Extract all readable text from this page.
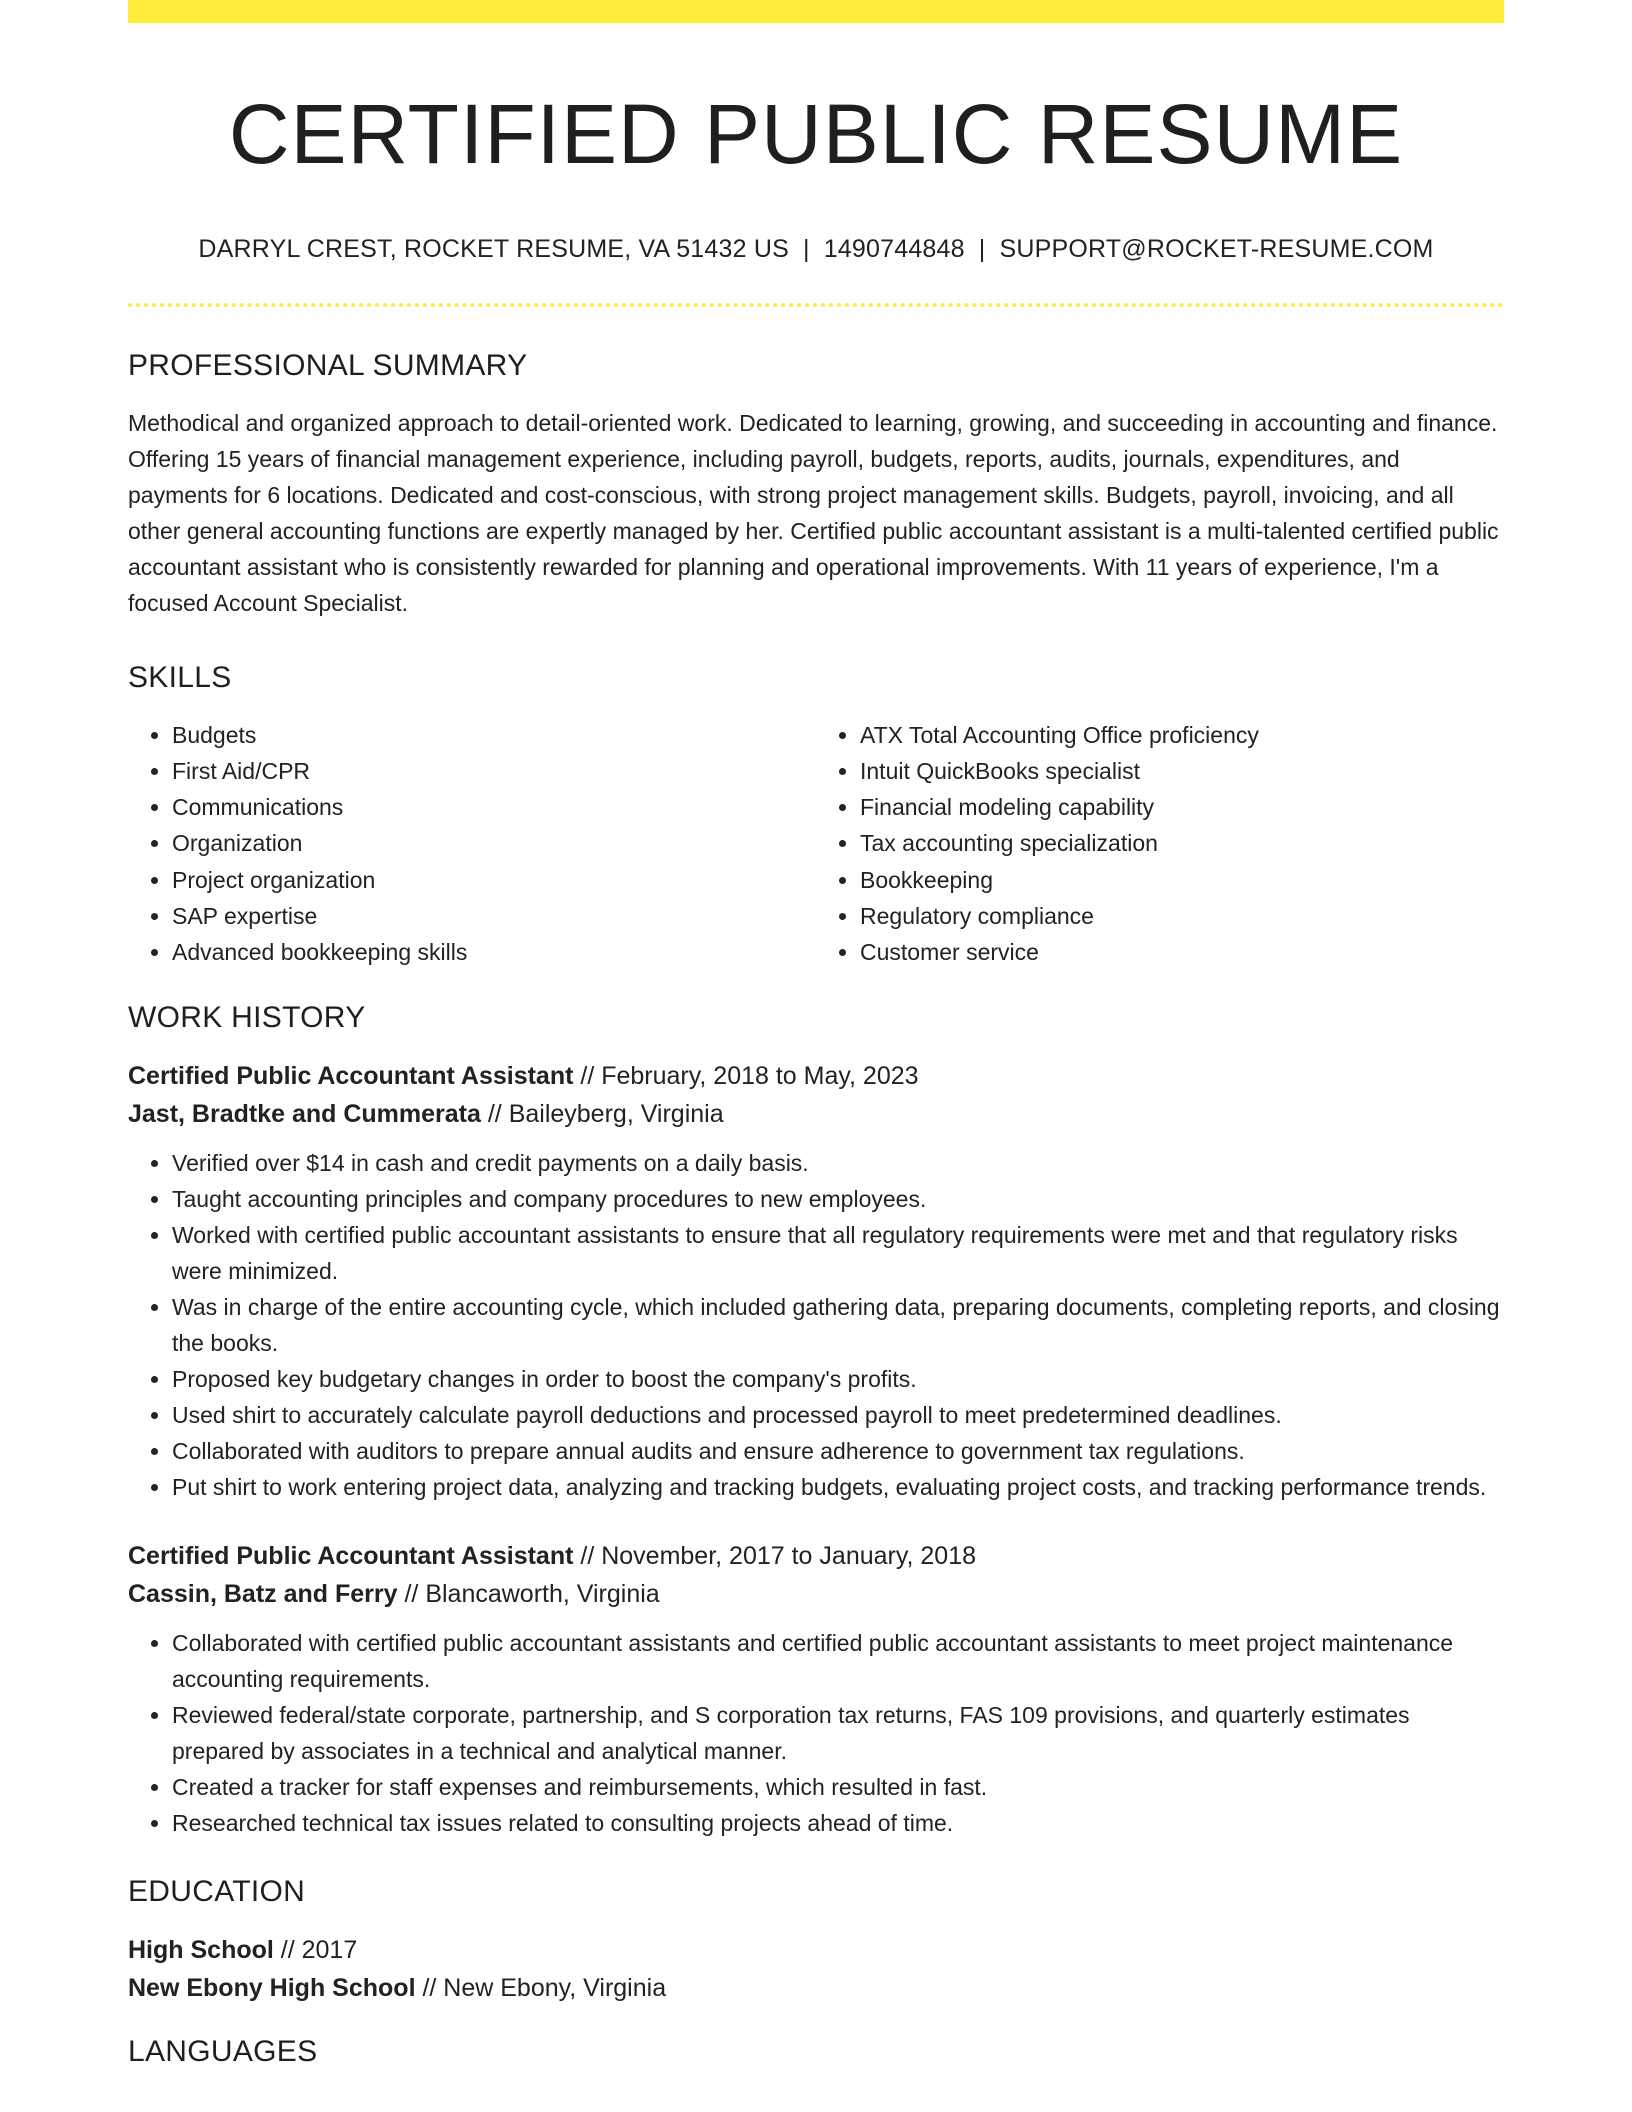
CERTIFIED PUBLIC RESUME
DARRYL CREST, ROCKET RESUME, VA 51432 US | 1490744848 | SUPPORT@ROCKET-RESUME.COM
PROFESSIONAL SUMMARY
Methodical and organized approach to detail-oriented work. Dedicated to learning, growing, and succeeding in accounting and finance. Offering 15 years of financial management experience, including payroll, budgets, reports, audits, journals, expenditures, and payments for 6 locations. Dedicated and cost-conscious, with strong project management skills. Budgets, payroll, invoicing, and all other general accounting functions are expertly managed by her. Certified public accountant assistant is a multi-talented certified public accountant assistant who is consistently rewarded for planning and operational improvements. With 11 years of experience, I'm a focused Account Specialist.
SKILLS
• Budgets
• First Aid/CPR
• Communications
• Organization
• Project organization
• SAP expertise
• Advanced bookkeeping skills
• ATX Total Accounting Office proficiency
• Intuit QuickBooks specialist
• Financial modeling capability
• Tax accounting specialization
• Bookkeeping
• Regulatory compliance
• Customer service
WORK HISTORY
Certified Public Accountant Assistant // February, 2018 to May, 2023
Jast, Bradtke and Cummerata // Baileyberg, Virginia
• Verified over $14 in cash and credit payments on a daily basis.
• Taught accounting principles and company procedures to new employees.
• Worked with certified public accountant assistants to ensure that all regulatory requirements were met and that regulatory risks were minimized.
• Was in charge of the entire accounting cycle, which included gathering data, preparing documents, completing reports, and closing the books.
• Proposed key budgetary changes in order to boost the company's profits.
• Used shirt to accurately calculate payroll deductions and processed payroll to meet predetermined deadlines.
• Collaborated with auditors to prepare annual audits and ensure adherence to government tax regulations.
• Put shirt to work entering project data, analyzing and tracking budgets, evaluating project costs, and tracking performance trends.
Certified Public Accountant Assistant // November, 2017 to January, 2018
Cassin, Batz and Ferry // Blancaworth, Virginia
• Collaborated with certified public accountant assistants and certified public accountant assistants to meet project maintenance accounting requirements.
• Reviewed federal/state corporate, partnership, and S corporation tax returns, FAS 109 provisions, and quarterly estimates prepared by associates in a technical and analytical manner.
• Created a tracker for staff expenses and reimbursements, which resulted in fast.
• Researched technical tax issues related to consulting projects ahead of time.
EDUCATION
High School // 2017
New Ebony High School // New Ebony, Virginia
LANGUAGES
